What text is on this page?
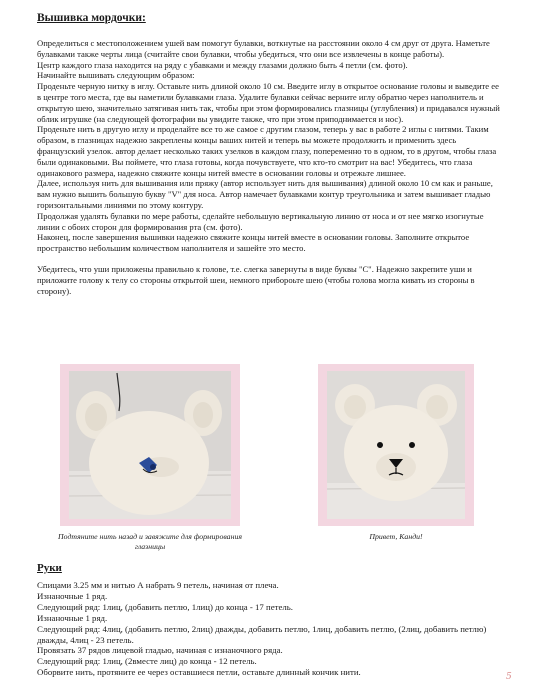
Вышивка мордочки:

Определиться с местоположением ушей вам помогут булавки, воткнутые на расстоянии около 4 см друг от друга. Наметьте булавками также черты лица (считайте свои булавки, чтобы убедиться, что они все извлечены в конце работы).

Центр каждого глаза находится на ряду с убавками и между глазами должно быть 4 петли (см. фото).

Начинайте вышивать следующим образом:

Проденьте черную нитку в иглу. Оставьте нить длиной около 10 см. Введите иглу в открытое основание головы и выведите ее в центре того места, где вы наметили булавками глаза. Удалите булавки сейчас верните иглу обратно через наполнитель и открытую шею, значительно затягивая нить так, чтобы при этом формировались глазницы (углубления) и придавался нужный облик игрушке (на следующей фотографии вы увидите также, что при этом приподнимается и нос).

Проденьте нить в другую иглу и проделайте все то же самое с другим глазом, теперь у вас в работе 2 иглы с нитями. Таким образом, в глазницах надежно закреплены концы ваших нитей и теперь вы можете продолжить и применить здесь французский узелок. автор делает несколько таких узелков в каждом глазу, попеременно то в одном, то в другом, чтобы глаза были одинаковыми. Вы поймете, что глаза готовы, когда почувствуете, что кто-то смотрит на вас! Убедитесь, что глаза одинакового размера, надежно свяжите концы нитей вместе в основании головы и отрежьте лишнее.

Далее, используя нить для вышивания или пряжу (автор использует нить для вышивания) длиной около 10 см как и раньше, вам нужно вышить большую букву "V" для носа. Автор намечает булавками контур треугольника и затем вышивает гладью горизонтальными линиями по этому контуру.

Продолжая удалять булавки по мере работы, сделайте небольшую вертикальную линию от носа и от нее мягко изогнутые линии с обоих сторон для формирования рта (см. фото).

Наконец, после завершения вышивки надежно свяжите концы нитей вместе в основании головы. Заполните открытое пространство небольшим количеством наполнителя и зашейте это место.

Убедитесь, что уши приложены правильно к голове, т.е. слегка завернуты в виде буквы "С". Надежно закрепите уши и приложите голову к телу со стороны открытой шеи, немного прибороьте шею (чтобы голова могла кивать из стороны в сторону).

Подтяните нить назад и завяжите для формирования глазницы
Привет, Канди!
Руки

Спицами 3.25 мм и нитью А набрать 9 петель, начиная от плеча.

Изнаночные 1 ряд.

Следующий ряд: 1лиц, (добавить петлю, 1лиц) до конца - 17 петель.

Изнаночные 1 ряд.

Следующий ряд: 4лиц, (добавить петлю, 2лиц) дважды, добавить петлю, 1лиц, добавить петлю, (2лиц, добавить петлю) дважды, 4лиц - 23 петель.

Провязать 37 рядов лицевой гладью, начиная с изнаночного ряда.

Следующий ряд: 1лиц, (2вместе лиц) до конца - 12 петель.

Оборвите нить, протяните ее через оставшиеся петли, оставьте длинный кончик нити.	5
